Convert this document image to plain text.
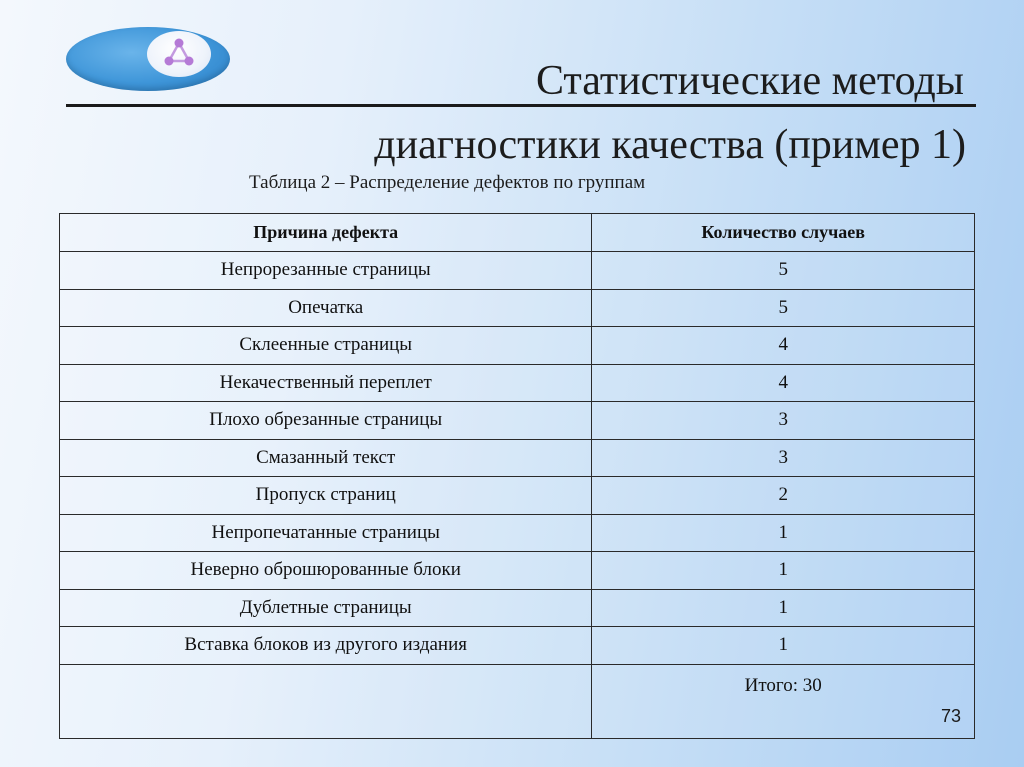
Статистические методы
диагностики качества (пример 1)
Таблица 2 – Распределение дефектов по группам
Причина дефекта	Количество случаев
Непрорезанные страницы	5
Опечатка	5
Склеенные страницы	4
Некачественный переплет	4
Плохо обрезанные страницы	3
Смазанный текст	3
Пропуск страниц	2
Непропечатанные страницы	1
Неверно оброшюрованные блоки	1
Дублетные страницы	1
Вставка блоков из другого издания	1
	Итого: 30
73
